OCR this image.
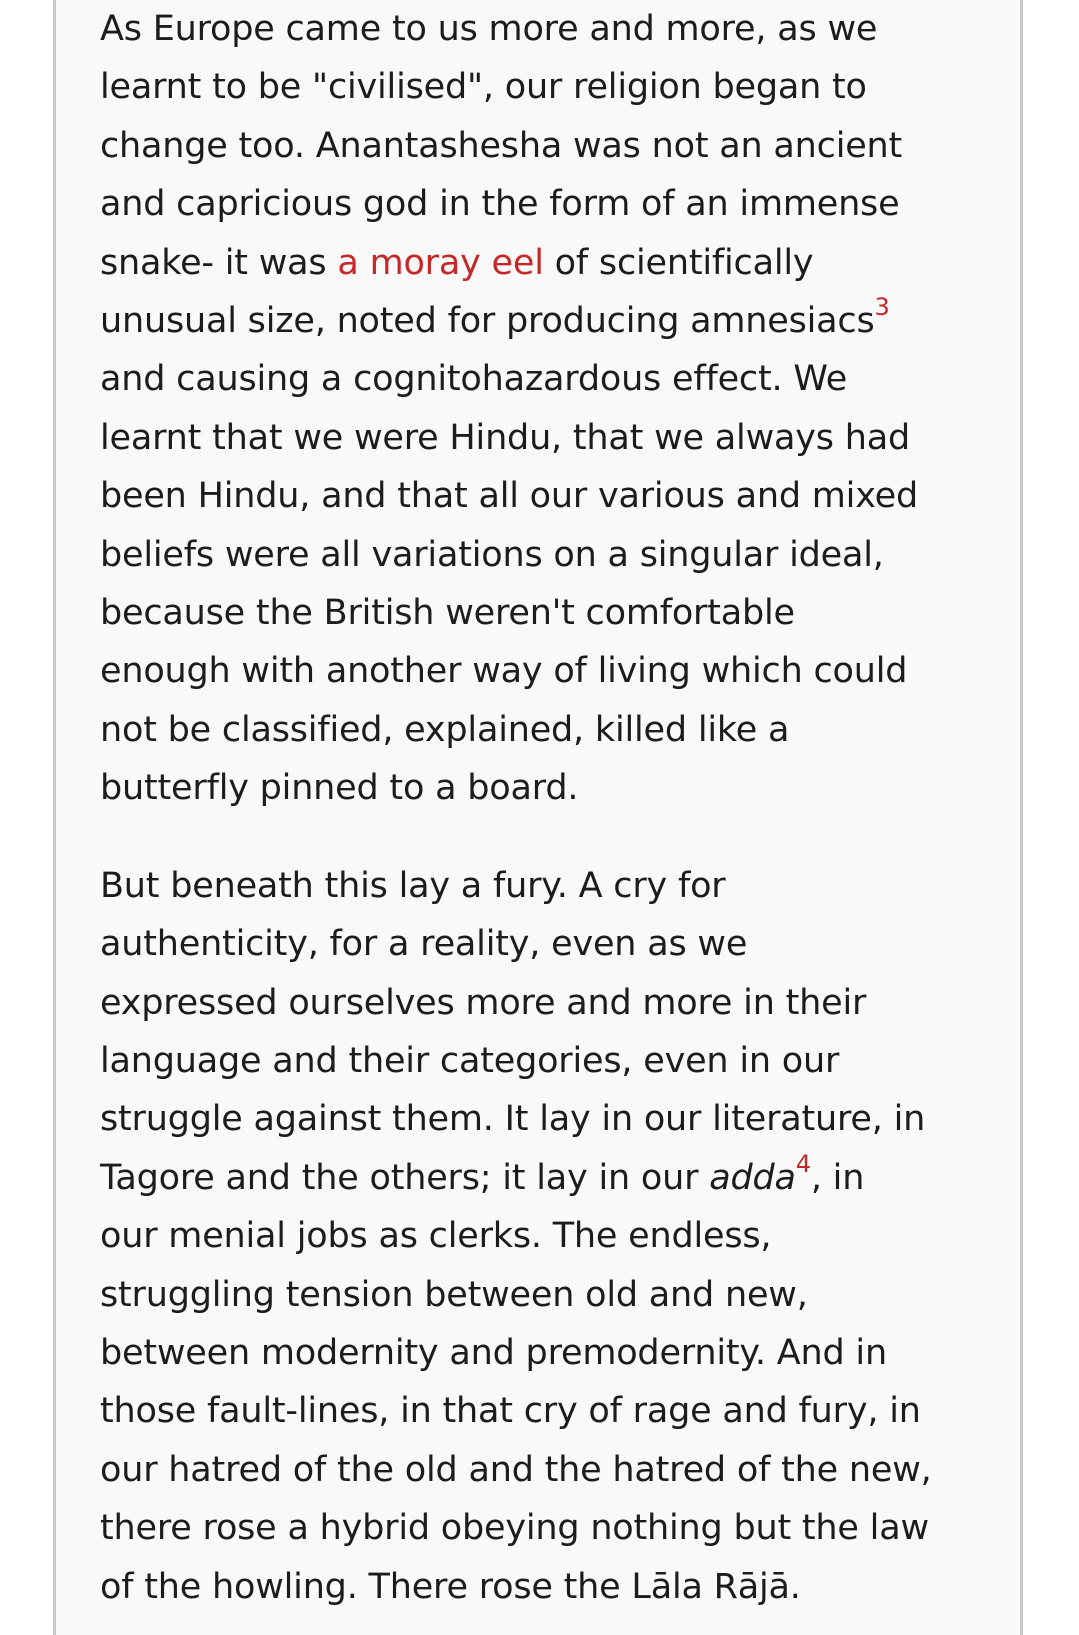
As Europe came to us more and more, as we
learnt to be "civilised", our religion began to
change too. Anantashesha was not an ancient
and capricious god in the form of an immense
snake- it was a moray eel of scientifically
unusual size, noted for producing amnesiacs$^3$
and causing a cognitohazardous effect. We
learnt that we were Hindu, that we always had
been Hindu, and that all our various and mixed
beliefs were all variations on a singular ideal,
because the British weren't comfortable
enough with another way of living which could
not be classified, explained, killed like a
butterfly pinned to a board.

But beneath this lay a fury. A cry for
authenticity, for a reality, even as we
expressed ourselves more and more in their
language and their categories, even in our
struggle against them. It lay in our literature, in
Tagore and the others; it lay in our adda$^4$, in
our menial jobs as clerks. The endless,
struggling tension between old and new,
between modernity and premodernity. And in
those fault-lines, in that cry of rage and fury, in
our hatred of the old and the hatred of the new,
there rose a hybrid obeying nothing but the law
of the howling. There rose the Lāla Rājā.
